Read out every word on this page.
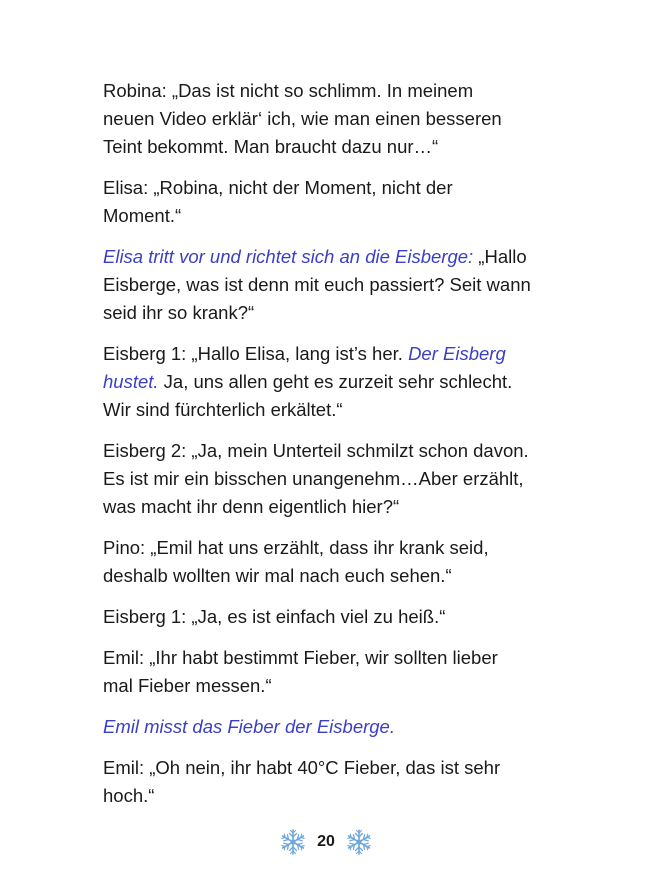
Robina: „Das ist nicht so schlimm. In meinem
neuen Video erklär‘ ich, wie man einen besseren
Teint bekommt. Man braucht dazu nur…“

Elisa: „Robina, nicht der Moment, nicht der
Moment.“

Elisa tritt vor und richtet sich an die Eisberge: „Hallo
Eisberge, was ist denn mit euch passiert? Seit wann
seid ihr so krank?“

Eisberg 1: „Hallo Elisa, lang ist’s her. Der Eisberg
hustet. Ja, uns allen geht es zurzeit sehr schlecht.
Wir sind fürchterlich erkältet.“

Eisberg 2: „Ja, mein Unterteil schmilzt schon davon.
Es ist mir ein bisschen unangenehm…Aber erzählt,
was macht ihr denn eigentlich hier?“

Pino: „Emil hat uns erzählt, dass ihr krank seid,
deshalb wollten wir mal nach euch sehen.“

Eisberg 1: „Ja, es ist einfach viel zu heiß.“

Emil: „Ihr habt bestimmt Fieber, wir sollten lieber
mal Fieber messen.“

Emil misst das Fieber der Eisberge.

Emil: „Oh nein, ihr habt 40°C Fieber, das ist sehr
hoch.“

20
